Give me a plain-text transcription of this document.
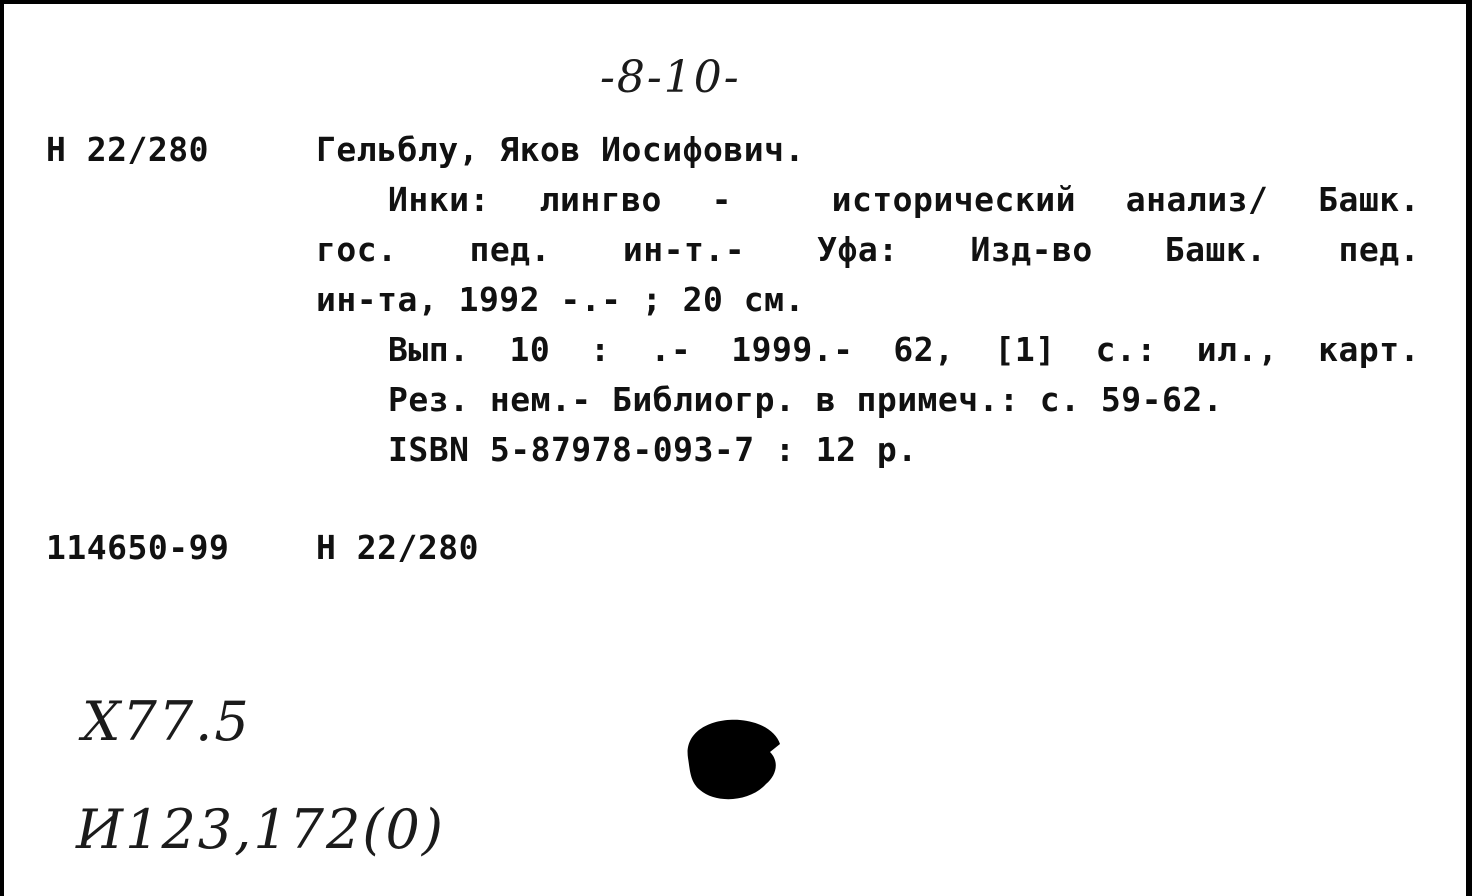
-8-10-
Н 22/280	Гельблу, Яков Иосифович.
Инки: лингво -  исторический анализ/ Башк.
гос. пед. ин-т.- Уфа: Изд-во Башк. пед.
ин-та, 1992 -.- ; 20 см.
Вып. 10 : .- 1999.- 62, [1] с.: ил., карт.
Рез. нем.- Библиогр. в примеч.: с. 59-62.
ISBN 5-87978-093-7 : 12 р.
114650-99	Н 22/280
X77.5
И123,172(0)
